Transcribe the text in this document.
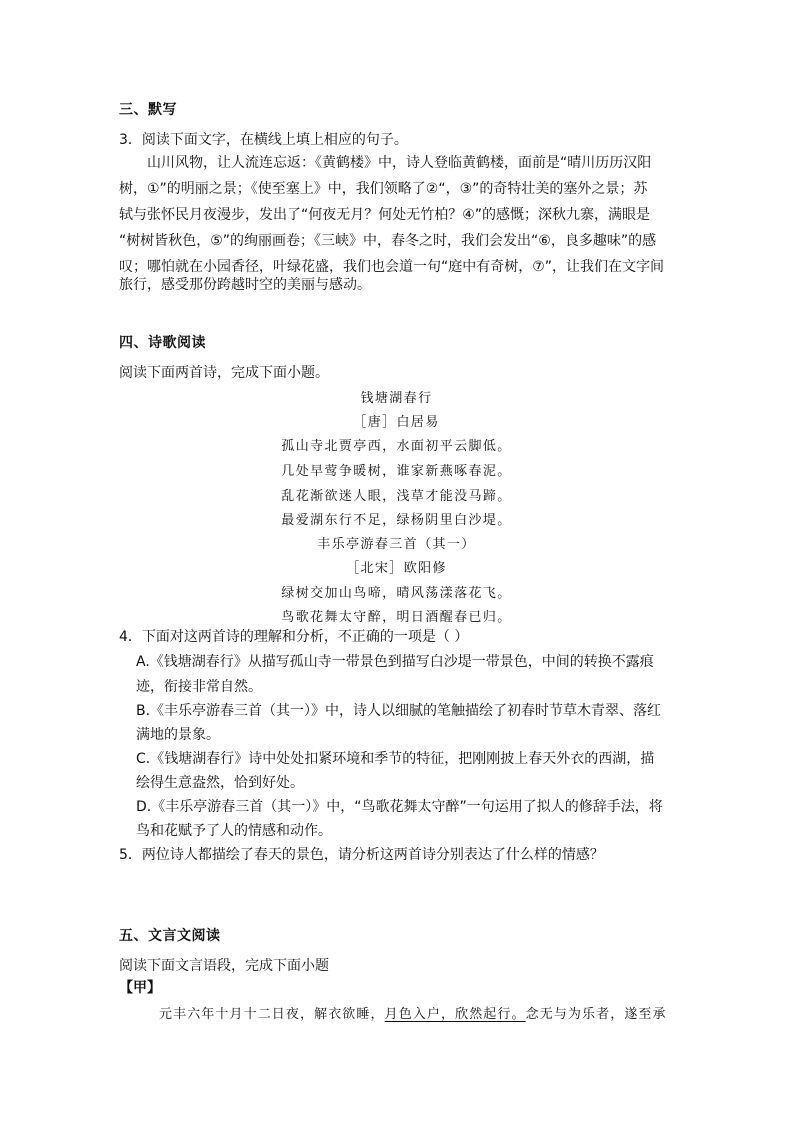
三、默写
3．阅读下面文字，在横线上填上相应的句子。
山川风物，让人流连忘返：《黄鹤楼》中，诗人登临黄鹤楼，面前是“晴川历历汉阳
树，①”的明丽之景；《使至塞上》中，我们领略了②“，③”的奇特壮美的塞外之景；苏
轼与张怀民月夜漫步，发出了“何夜无月？何处无竹柏？④”的感慨；深秋九寨，满眼是
“树树皆秋色，⑤”的绚丽画卷；《三峡》中，春冬之时，我们会发出“⑥，良多趣味”的感
叹；哪怕就在小园香径，叶绿花盛，我们也会道一句“庭中有奇树，⑦”，让我们在文字间
旅行，感受那份跨越时空的美丽与感动。
四、诗歌阅读
阅读下面两首诗，完成下面小题。
钱塘湖春行
［唐］白居易
孤山寺北贾亭西，水面初平云脚低。
几处早莺争暖树，谁家新燕啄春泥。
乱花渐欲迷人眼，浅草才能没马蹄。
最爱湖东行不足，绿杨阴里白沙堤。
丰乐亭游春三首（其一）
［北宋］欧阳修
绿树交加山鸟啼，晴风荡漾落花飞。
鸟歌花舞太守醉，明日酒醒春已归。
4．下面对这两首诗的理解和分析，不正确的一项是（ ）
A.《钱塘湖春行》从描写孤山寺一带景色到描写白沙堤一带景色，中间的转换不露痕
迹，衔接非常自然。
B.《丰乐亭游春三首（其一）》中，诗人以细腻的笔触描绘了初春时节草木青翠、落红
满地的景象。
C.《钱塘湖春行》诗中处处扣紧环境和季节的特征，把刚刚披上春天外衣的西湖，描
绘得生意盎然，恰到好处。
D.《丰乐亭游春三首（其一）》中，“鸟歌花舞太守醉”一句运用了拟人的修辞手法，将
鸟和花赋予了人的情感和动作。
5．两位诗人都描绘了春天的景色，请分析这两首诗分别表达了什么样的情感？
五、文言文阅读
阅读下面文言语段，完成下面小题
【甲】
元丰六年十月十二日夜，解衣欲睡，月色入户，欣然起行。念无与为乐者，遂至承
